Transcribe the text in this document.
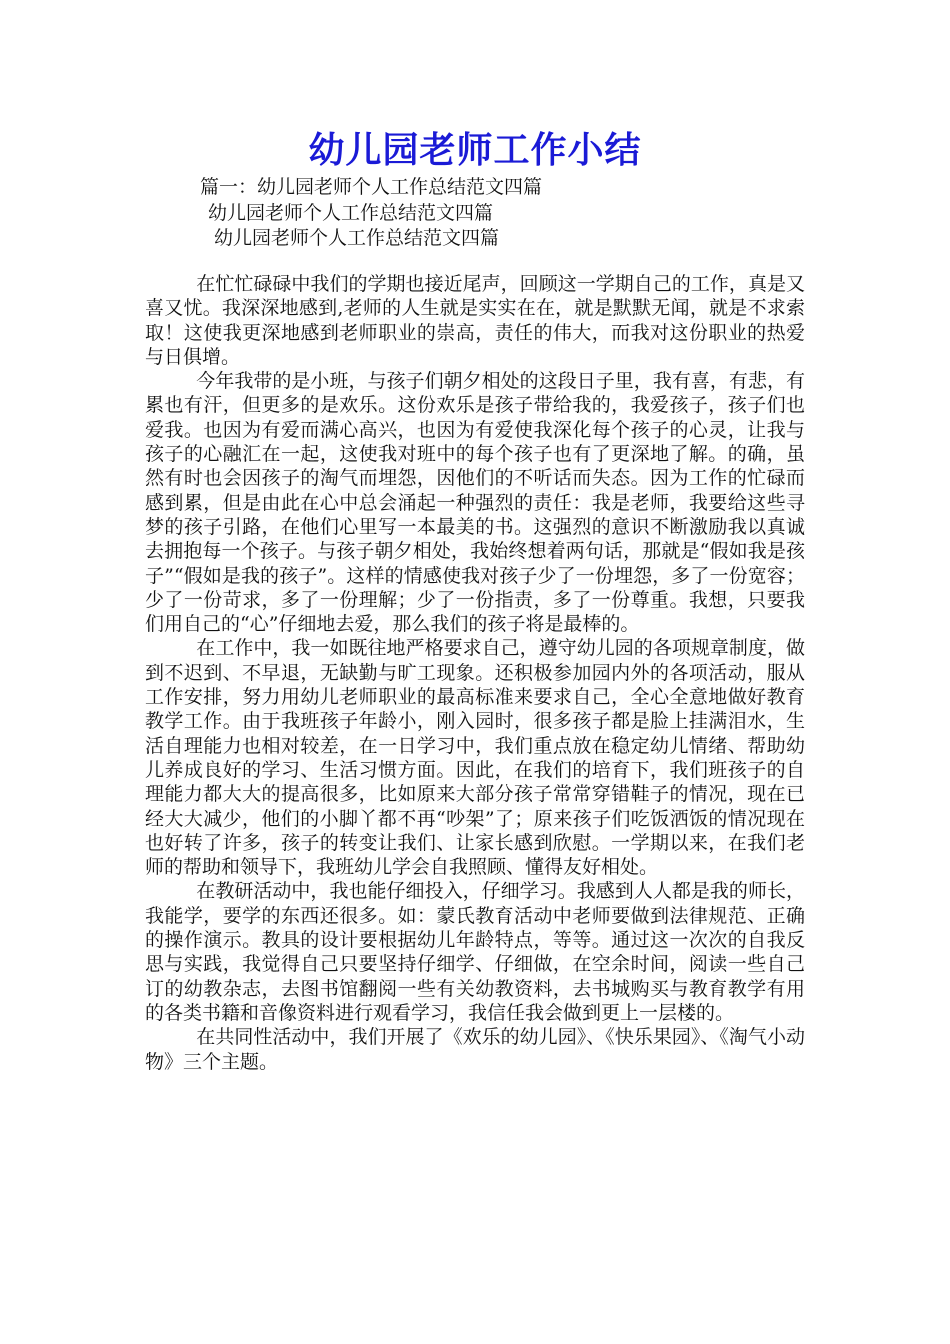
幼儿园老师工作小结
篇一：幼儿园老师个人工作总结范文四篇
幼儿园老师个人工作总结范文四篇
幼儿园老师个人工作总结范文四篇

在忙忙碌碌中我们的学期也接近尾声，回顾这一学期自己的工作，真是又喜又忧。我深深地感到,老师的人生就是实实在在，就是默默无闻，就是不求索取！这使我更深地感到老师职业的崇高，责任的伟大，而我对这份职业的热爱与日俱增。

今年我带的是小班，与孩子们朝夕相处的这段日子里，我有喜，有悲，有累也有汗，但更多的是欢乐。这份欢乐是孩子带给我的，我爱孩子，孩子们也爱我。也因为有爱而满心高兴，也因为有爱使我深化每个孩子的心灵，让我与孩子的心融汇在一起，这使我对班中的每个孩子也有了更深地了解。的确，虽然有时也会因孩子的淘气而埋怨，因他们的不听话而失态。因为工作的忙碌而感到累，但是由此在心中总会涌起一种强烈的责任：我是老师，我要给这些寻梦的孩子引路，在他们心里写一本最美的书。这强烈的意识不断激励我以真诚去拥抱每一个孩子。与孩子朝夕相处，我始终想着两句话，那就是“假如我是孩子”“假如是我的孩子”。这样的情感使我对孩子少了一份埋怨，多了一份宽容；少了一份苛求，多了一份理解；少了一份指责，多了一份尊重。我想，只要我们用自己的“心”仔细地去爱，那么我们的孩子将是最棒的。

在工作中，我一如既往地严格要求自己，遵守幼儿园的各项规章制度，做到不迟到、不早退，无缺勤与旷工现象。还积极参加园内外的各项活动，服从工作安排，努力用幼儿老师职业的最高标准来要求自己，全心全意地做好教育教学工作。由于我班孩子年龄小，刚入园时，很多孩子都是脸上挂满泪水，生活自理能力也相对较差，在一日学习中，我们重点放在稳定幼儿情绪、帮助幼儿养成良好的学习、生活习惯方面。因此，在我们的培育下，我们班孩子的自理能力都大大的提高很多，比如原来大部分孩子常常穿错鞋子的情况，现在已经大大减少，他们的小脚丫都不再“吵架”了；原来孩子们吃饭洒饭的情况现在也好转了许多，孩子的转变让我们、让家长感到欣慰。一学期以来，在我们老师的帮助和领导下，我班幼儿学会自我照顾、懂得友好相处。

在教研活动中，我也能仔细投入，仔细学习。我感到人人都是我的师长，我能学，要学的东西还很多。如：蒙氏教育活动中老师要做到法律规范、正确的操作演示。教具的设计要根据幼儿年龄特点，等等。通过这一次次的自我反思与实践，我觉得自己只要坚持仔细学、仔细做，在空余时间，阅读一些自己订的幼教杂志，去图书馆翻阅一些有关幼教资料，去书城购买与教育教学有用的各类书籍和音像资料进行观看学习，我信任我会做到更上一层楼的。

在共同性活动中，我们开展了《欢乐的幼儿园》、《快乐果园》、《淘气小动物》三个主题。
